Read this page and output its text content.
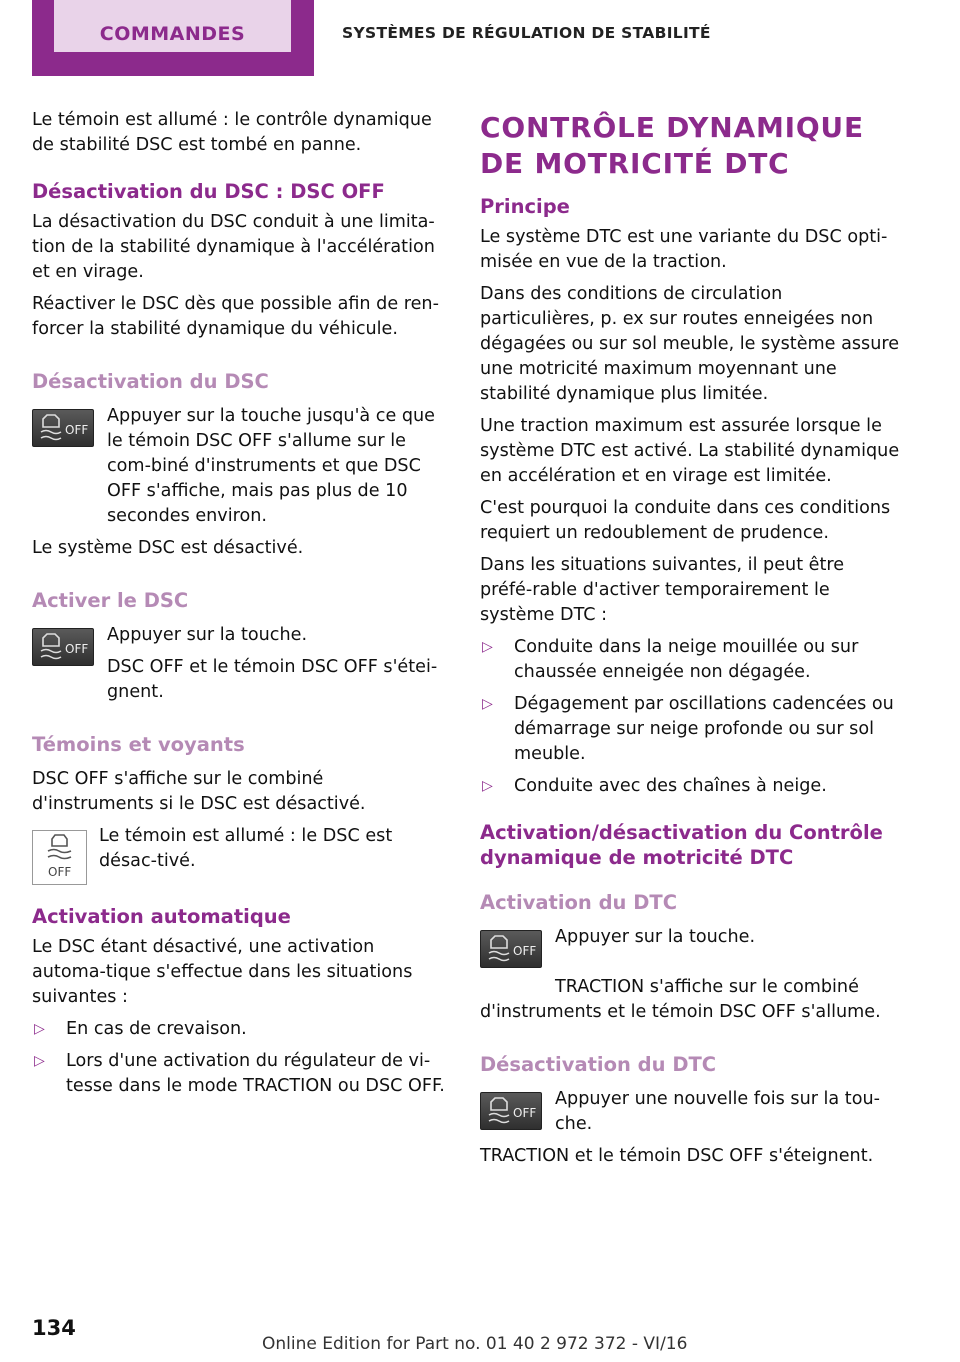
COMMANDES	SYSTÈMES DE RÉGULATION DE STABILITÉ

Le témoin est allumé : le contrôle dynamique de stabilité DSC est tombé en panne.

Désactivation du DSC : DSC OFF

La désactivation du DSC conduit à une limita‐tion de la stabilité dynamique à l'accélération et en virage.

Réactiver le DSC dès que possible afin de ren‐forcer la stabilité dynamique du véhicule.

Désactivation du DSC
OFF

Appuyer sur la touche jusqu'à ce que le témoin DSC OFF s'allume sur le com‐biné d'instruments et que DSC OFF s'affiche, mais pas plus de 10 secondes environ.

Le système DSC est désactivé.

Activer le DSC
OFF

Appuyer sur la touche.

DSC OFF et le témoin DSC OFF s'étei‐gnent.

Témoins et voyants

DSC OFF s'affiche sur le combiné d'instruments si le DSC est désactivé.

OFF

Le témoin est allumé : le DSC est désac‐tivé.

Activation automatique

Le DSC étant désactivé, une activation automa‐tique s'effectue dans les situations suivantes :

▷ En cas de crevaison.
▷ Lors d'une activation du régulateur de vi‐tesse dans le mode TRACTION ou DSC OFF.
CONTRÔLE DYNAMIQUE DE MOTRICITÉ DTC
Principe

Le système DTC est une variante du DSC opti‐misée en vue de la traction.

Dans des conditions de circulation particulières, p. ex sur routes enneigées non dégagées ou sur sol meuble, le système assure une motricité maximum moyennant une stabilité dynamique plus limitée.

Une traction maximum est assurée lorsque le système DTC est activé. La stabilité dynamique en accélération et en virage est limitée.

C'est pourquoi la conduite dans ces conditions requiert un redoublement de prudence.

Dans les situations suivantes, il peut être préfé‐rable d'activer temporairement le système DTC :

▷ Conduite dans la neige mouillée ou sur chaussée enneigée non dégagée.
▷ Dégagement par oscillations cadencées ou démarrage sur neige profonde ou sur sol meuble.
▷ Conduite avec des chaînes à neige.
Activation/désactivation du Contrôle dynamique de motricité DTC
Activation du DTC
OFF

Appuyer sur la touche.

TRACTION s'affiche sur le combiné d'instruments et le témoin DSC OFF s'allume.

Désactivation du DTC
OFF

Appuyer une nouvelle fois sur la tou‐che.

TRACTION et le témoin DSC OFF s'éteignent.

134
Online Edition for Part no. 01 40 2 972 372 - VI/16
